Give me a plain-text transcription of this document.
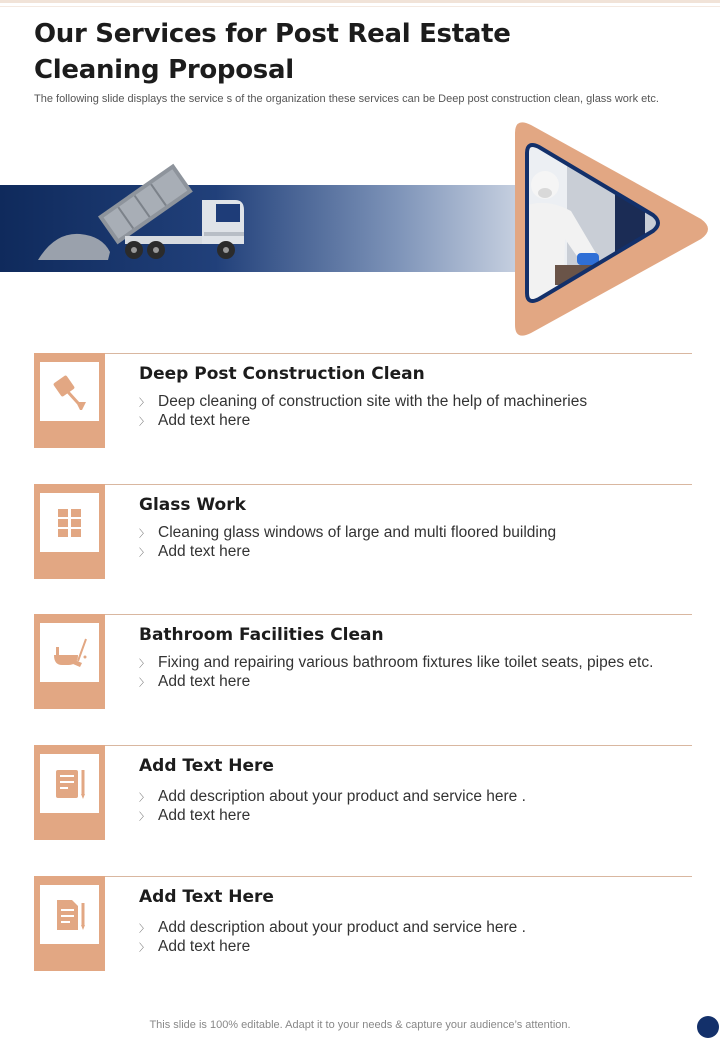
Our Services for Post Real Estate
Cleaning Proposal

The following slide displays the service s of the organization these services can be Deep post construction clean, glass work etc.

Deep Post Construction Clean
〉 Deep cleaning of construction site with the help of machineries
〉 Add text here
Glass Work
〉 Cleaning glass windows of large and multi floored building
〉 Add text here
Bathroom Facilities Clean
〉 Fixing and repairing various bathroom fixtures like toilet seats, pipes etc.
〉 Add text here
Add Text Here
〉 Add description about your product and service here .
〉 Add text here
Add Text Here
〉 Add description about your product and service here .
〉 Add text here
This slide is 100% editable. Adapt it to your needs & capture your audience’s attention.
